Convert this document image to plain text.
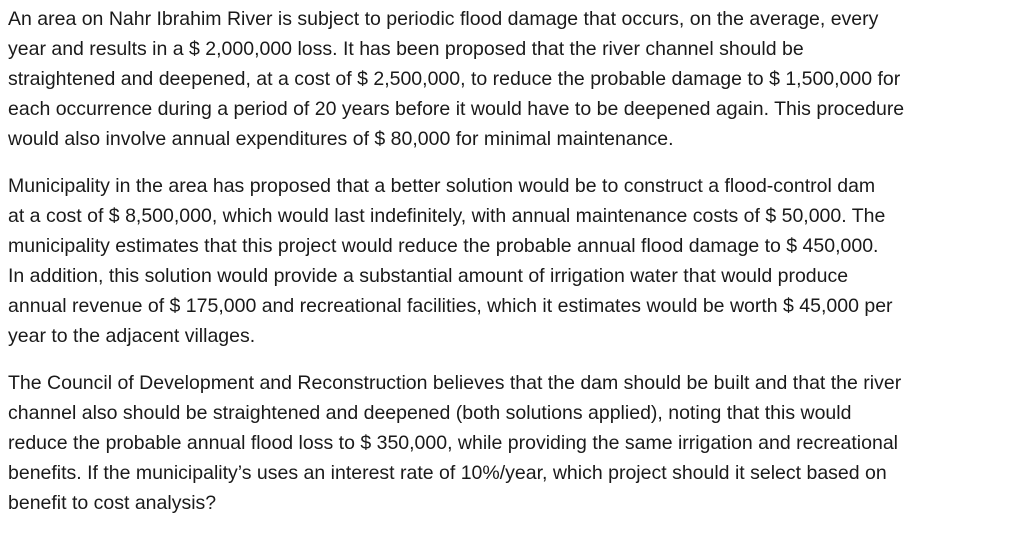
An area on Nahr Ibrahim River is subject to periodic flood damage that occurs, on the average, every
year and results in a $ 2,000,000 loss. It has been proposed that the river channel should be
straightened and deepened, at a cost of $ 2,500,000, to reduce the probable damage to $ 1,500,000 for
each occurrence during a period of 20 years before it would have to be deepened again. This procedure
would also involve annual expenditures of $ 80,000 for minimal maintenance.

Municipality in the area has proposed that a better solution would be to construct a flood-control dam
at a cost of $ 8,500,000, which would last indefinitely, with annual maintenance costs of $ 50,000. The
municipality estimates that this project would reduce the probable annual flood damage to $ 450,000.
In addition, this solution would provide a substantial amount of irrigation water that would produce
annual revenue of $ 175,000 and recreational facilities, which it estimates would be worth $ 45,000 per
year to the adjacent villages.

The Council of Development and Reconstruction believes that the dam should be built and that the river
channel also should be straightened and deepened (both solutions applied), noting that this would
reduce the probable annual flood loss to $ 350,000, while providing the same irrigation and recreational
benefits. If the municipality’s uses an interest rate of 10%/year, which project should it select based on
benefit to cost analysis?
